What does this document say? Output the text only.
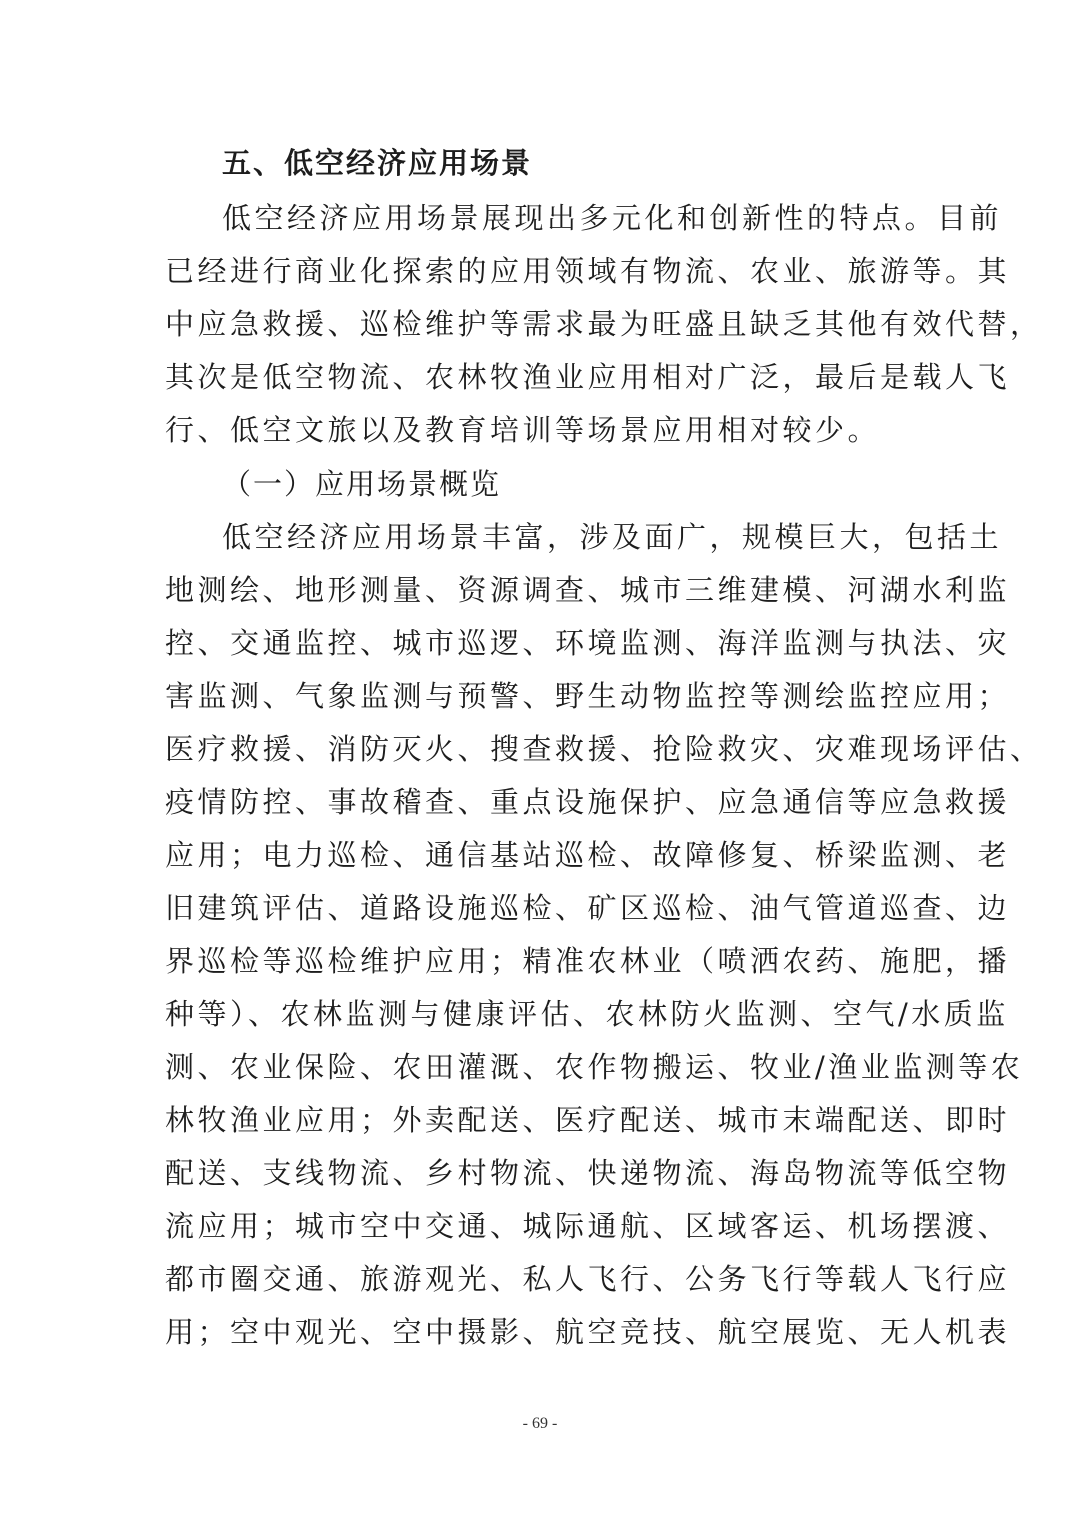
五、低空经济应用场景
低空经济应用场景展现出多元化和创新性的特点。目前
已经进行商业化探索的应用领域有物流、农业、旅游等。其
中应急救援、巡检维护等需求最为旺盛且缺乏其他有效代替，
其次是低空物流、农林牧渔业应用相对广泛，最后是载人飞
行、低空文旅以及教育培训等场景应用相对较少。
（一）应用场景概览
低空经济应用场景丰富，涉及面广，规模巨大，包括土
地测绘、地形测量、资源调查、城市三维建模、河湖水利监
控、交通监控、城市巡逻、环境监测、海洋监测与执法、灾
害监测、气象监测与预警、野生动物监控等测绘监控应用；
医疗救援、消防灭火、搜查救援、抢险救灾、灾难现场评估、
疫情防控、事故稽查、重点设施保护、应急通信等应急救援
应用；电力巡检、通信基站巡检、故障修复、桥梁监测、老
旧建筑评估、道路设施巡检、矿区巡检、油气管道巡查、边
界巡检等巡检维护应用；精准农林业（喷洒农药、施肥，播
种等）、农林监测与健康评估、农林防火监测、空气/水质监
测、农业保险、农田灌溉、农作物搬运、牧业/渔业监测等农
林牧渔业应用；外卖配送、医疗配送、城市末端配送、即时
配送、支线物流、乡村物流、快递物流、海岛物流等低空物
流应用；城市空中交通、城际通航、区域客运、机场摆渡、
都市圈交通、旅游观光、私人飞行、公务飞行等载人飞行应
用；空中观光、空中摄影、航空竞技、航空展览、无人机表
- 69 -
